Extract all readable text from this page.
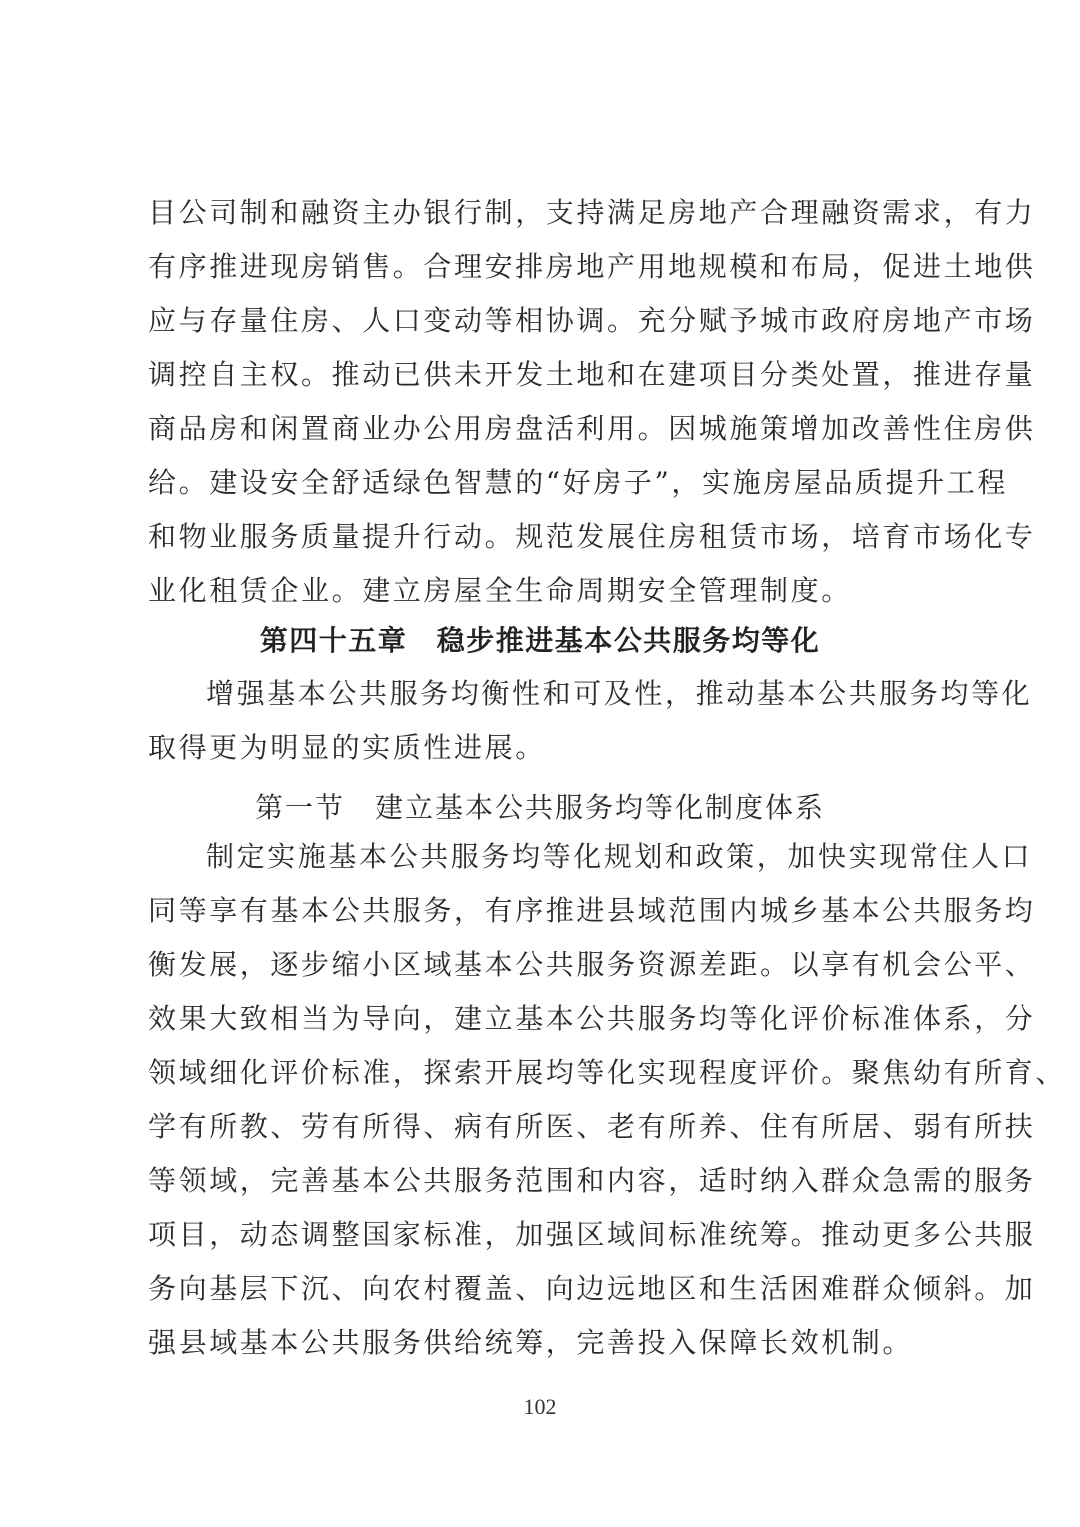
目公司制和融资主办银行制，支持满足房地产合理融资需求，有力
有序推进现房销售。合理安排房地产用地规模和布局，促进土地供
应与存量住房、人口变动等相协调。充分赋予城市政府房地产市场
调控自主权。推动已供未开发土地和在建项目分类处置，推进存量
商品房和闲置商业办公用房盘活利用。因城施策增加改善性住房供
给。建设安全舒适绿色智慧的“好房子”，实施房屋品质提升工程
和物业服务质量提升行动。规范发展住房租赁市场，培育市场化专
业化租赁企业。建立房屋全生命周期安全管理制度。
第四十五章　稳步推进基本公共服务均等化
增强基本公共服务均衡性和可及性，推动基本公共服务均等化
取得更为明显的实质性进展。
第一节　建立基本公共服务均等化制度体系
制定实施基本公共服务均等化规划和政策，加快实现常住人口
同等享有基本公共服务，有序推进县域范围内城乡基本公共服务均
衡发展，逐步缩小区域基本公共服务资源差距。以享有机会公平、
效果大致相当为导向，建立基本公共服务均等化评价标准体系，分
领域细化评价标准，探索开展均等化实现程度评价。聚焦幼有所育、
学有所教、劳有所得、病有所医、老有所养、住有所居、弱有所扶
等领域，完善基本公共服务范围和内容，适时纳入群众急需的服务
项目，动态调整国家标准，加强区域间标准统筹。推动更多公共服
务向基层下沉、向农村覆盖、向边远地区和生活困难群众倾斜。加
强县域基本公共服务供给统筹，完善投入保障长效机制。
102
